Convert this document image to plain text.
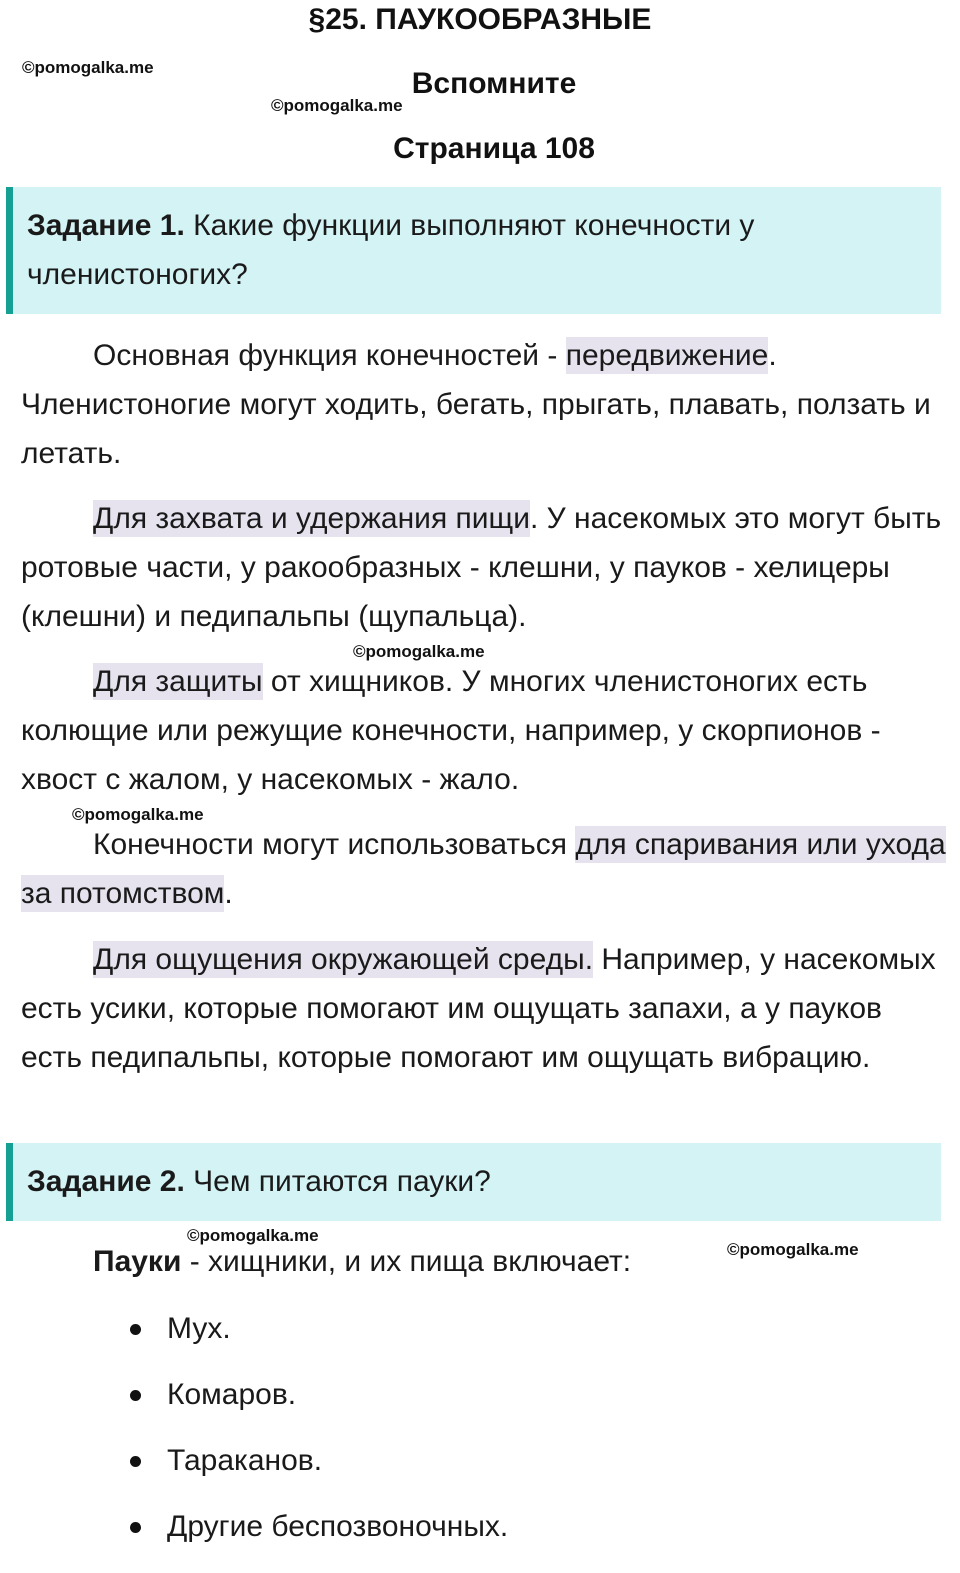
§25. ПАУКООБРАЗНЫЕ
©pomogalka.me	Вспомните
©pomogalka.me
Страница 108
Задание 1. Какие функции выполняют конечности у членистоногих?

Основная функция конечностей - передвижение. Членистоногие могут ходить, бегать, прыгать, плавать, ползать и летать.

Для захвата и удержания пищи. У насекомых это могут быть ротовые части, у ракообразных - клешни, у пауков - хелицеры (клешни) и педипальпы (щупальца).

©pomogalka.me

Для защиты от хищников. У многих членистоногих есть колющие или режущие конечности, например, у скорпионов - хвост с жалом, у насекомых - жало.

©pomogalka.me

Конечности могут использоваться для спаривания или ухода за потомством.

Для ощущения окружающей среды. Например, у насекомых есть усики, которые помогают им ощущать запахи, а у пауков есть педипальпы, которые помогают им ощущать вибрацию.

Задание 2. Чем питаются пауки?
©pomogalka.me
©pomogalka.me

Пауки - хищники, и их пища включает:

Мух.
Комаров.
Тараканов.
Другие беспозвоночных.
